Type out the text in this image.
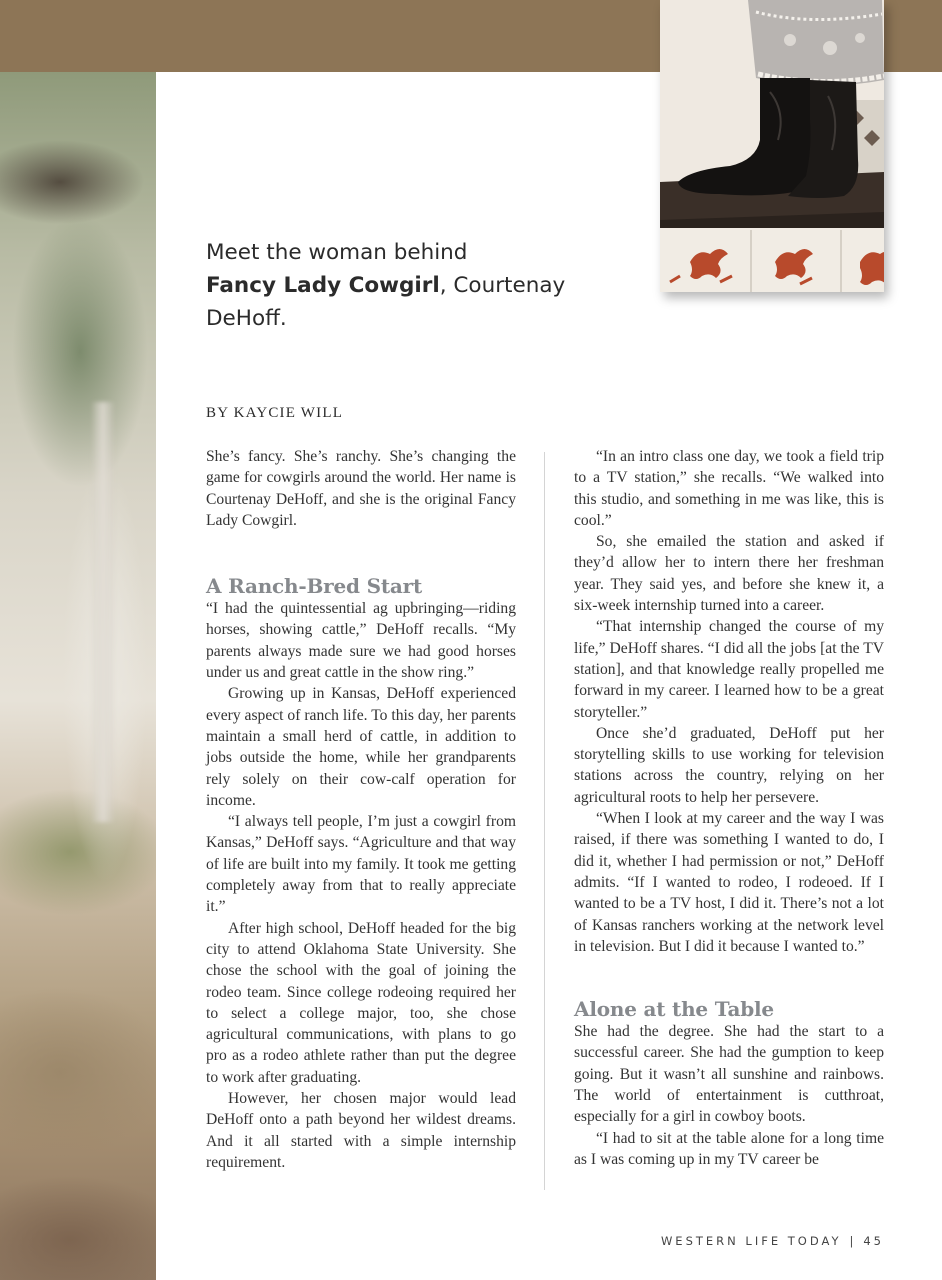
Meet the woman behind
Fancy Lady Cowgirl, Courtenay DeHoff.
BY KAYCIE WILL

She’s fancy. She’s ranchy. She’s changing the game for cowgirls around the world. Her name is Courtenay DeHoff, and she is the original Fancy Lady Cowgirl.

A Ranch-Bred Start

“I had the quintessential ag upbringing—riding horses, showing cattle,” DeHoff recalls. “My parents always made sure we had good horses under us and great cattle in the show ring.”

Growing up in Kansas, DeHoff experienced every aspect of ranch life. To this day, her parents maintain a small herd of cattle, in addition to jobs outside the home, while her grandparents rely solely on their cow-calf operation for income.

“I always tell people, I’m just a cowgirl from Kansas,” DeHoff says. “Agriculture and that way of life are built into my family. It took me getting completely away from that to really appreciate it.”

After high school, DeHoff headed for the big city to attend Oklahoma State University. She chose the school with the goal of joining the rodeo team. Since college rodeoing required her to select a college major, too, she chose agricultural communications, with plans to go pro as a rodeo athlete rather than put the degree to work after graduating.

However, her chosen major would lead DeHoff onto a path beyond her wildest dreams. And it all started with a simple internship requirement.

“In an intro class one day, we took a field trip to a TV station,” she recalls. “We walked into this studio, and something in me was like, this is cool.”

So, she emailed the station and asked if they’d allow her to intern there her freshman year. They said yes, and before she knew it, a six-week internship turned into a career.

“That internship changed the course of my life,” DeHoff shares. “I did all the jobs [at the TV station], and that knowledge really propelled me forward in my career. I learned how to be a great storyteller.”

Once she’d graduated, DeHoff put her storytelling skills to use working for television stations across the country, relying on her agricultural roots to help her persevere.

“When I look at my career and the way I was raised, if there was something I wanted to do, I did it, whether I had permission or not,” DeHoff admits. “If I wanted to rodeo, I rodeoed. If I wanted to be a TV host, I did it. There’s not a lot of Kansas ranchers working at the network level in television. But I did it because I wanted to.”

Alone at the Table

She had the degree. She had the start to a successful career. She had the gumption to keep going. But it wasn’t all sunshine and rainbows. The world of entertainment is cutthroat, especially for a girl in cowboy boots.

“I had to sit at the table alone for a long time as I was coming up in my TV career be

WESTERN LIFE TODAY | 45
